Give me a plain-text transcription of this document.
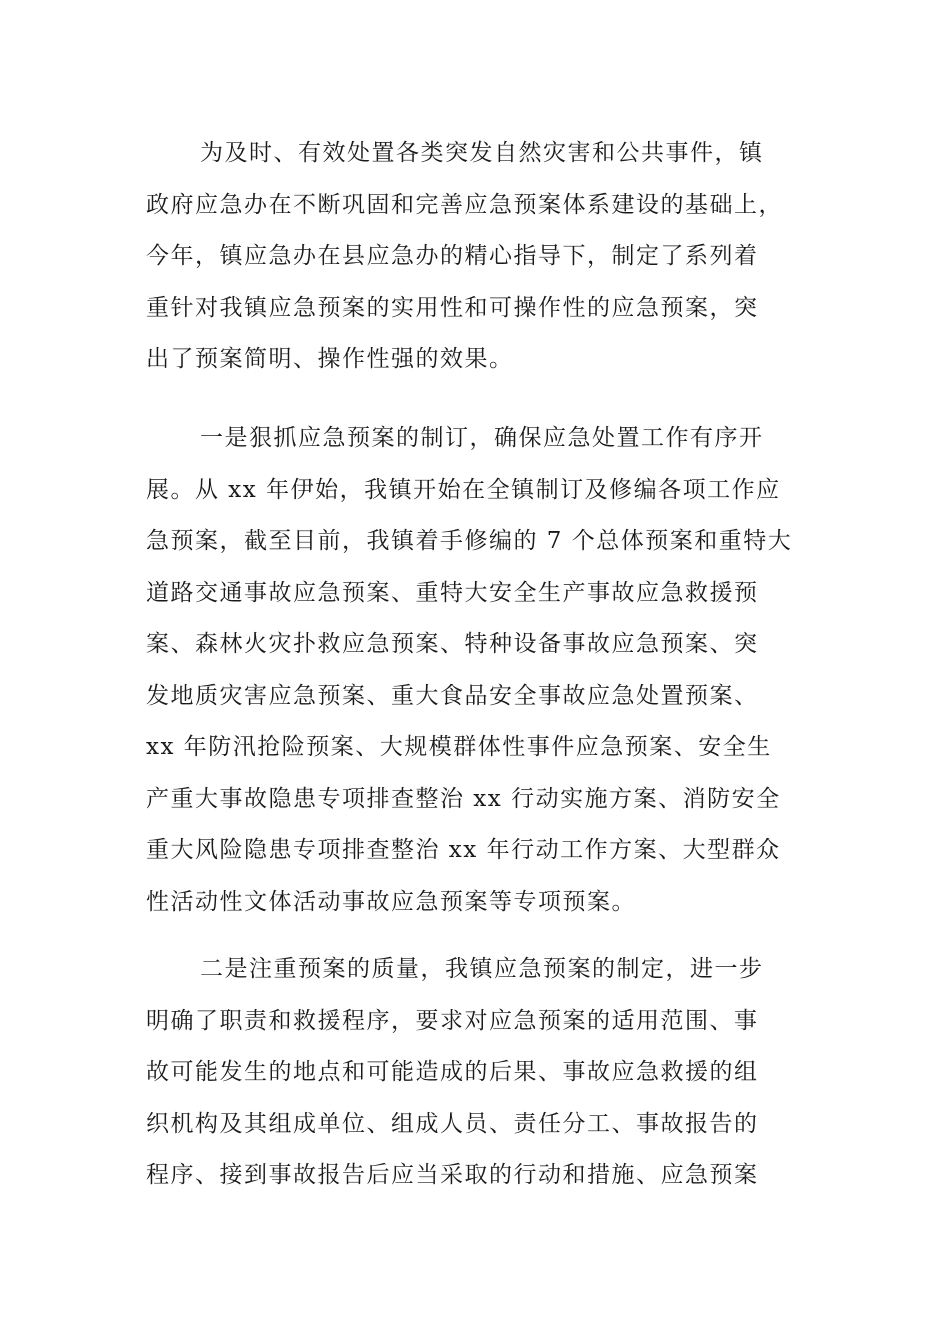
为及时、有效处置各类突发自然灾害和公共事件，镇
政府应急办在不断巩固和完善应急预案体系建设的基础上，
今年，镇应急办在县应急办的精心指导下，制定了系列着
重针对我镇应急预案的实用性和可操作性的应急预案，突
出了预案简明、操作性强的效果。
一是狠抓应急预案的制订，确保应急处置工作有序开
展。从 xx 年伊始，我镇开始在全镇制订及修编各项工作应
急预案，截至目前，我镇着手修编的 7 个总体预案和重特大
道路交通事故应急预案、重特大安全生产事故应急救援预
案、森林火灾扑救应急预案、特种设备事故应急预案、突
发地质灾害应急预案、重大食品安全事故应急处置预案、
xx 年防汛抢险预案、大规模群体性事件应急预案、安全生
产重大事故隐患专项排查整治 xx 行动实施方案、消防安全
重大风险隐患专项排查整治 xx 年行动工作方案、大型群众
性活动性文体活动事故应急预案等专项预案。
二是注重预案的质量，我镇应急预案的制定，进一步
明确了职责和救援程序，要求对应急预案的适用范围、事
故可能发生的地点和可能造成的后果、事故应急救援的组
织机构及其组成单位、组成人员、责任分工、事故报告的
程序、接到事故报告后应当采取的行动和措施、应急预案
